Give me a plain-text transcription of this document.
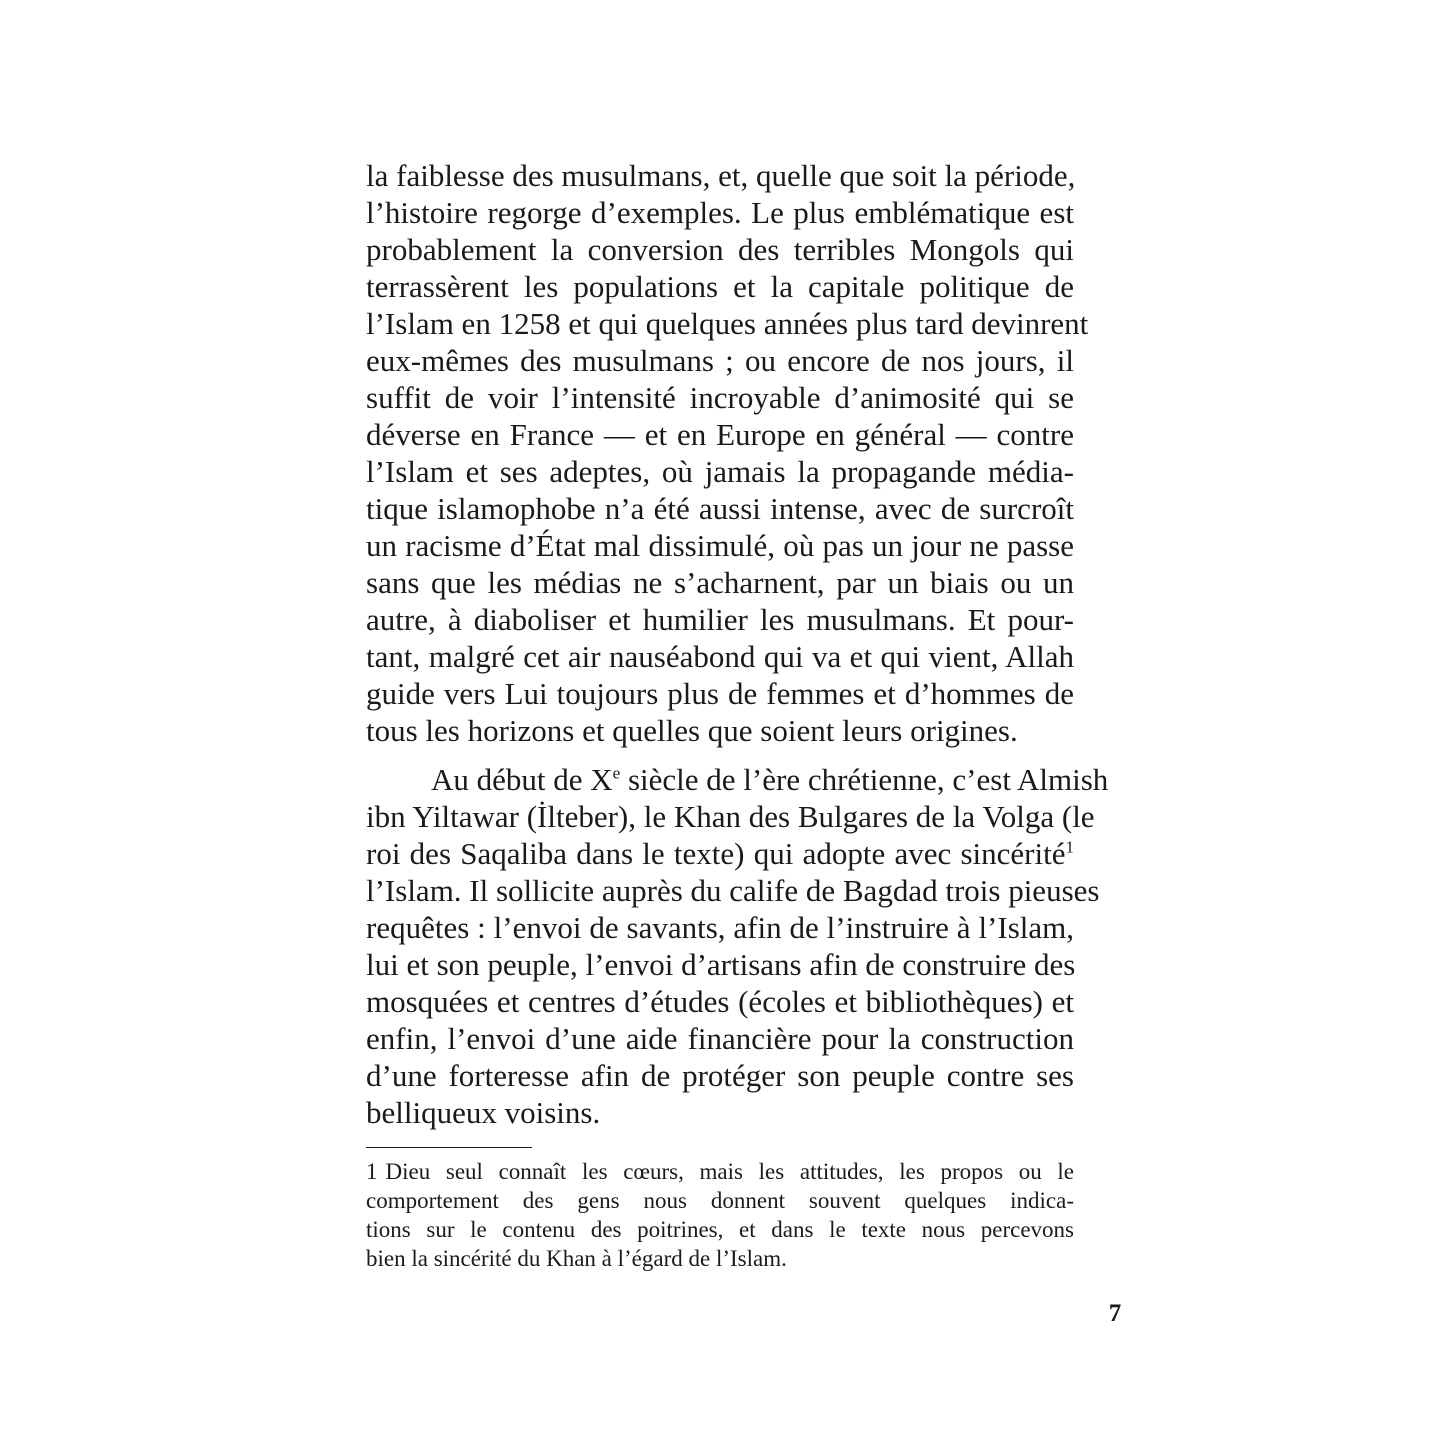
la faiblesse des musulmans, et, quelle que soit la période,
l’histoire regorge d’exemples. Le plus emblématique est
probablement la conversion des terribles Mongols qui
terrassèrent les populations et la capitale politique de
l’Islam en 1258 et qui quelques années plus tard devinrent
eux-mêmes des musulmans ; ou encore de nos jours, il
suffit de voir l’intensité incroyable d’animosité qui se
déverse en France — et en Europe en général — contre
l’Islam et ses adeptes, où jamais la propagande média-
tique islamophobe n’a été aussi intense, avec de surcroît
un racisme d’État mal dissimulé, où pas un jour ne passe
sans que les médias ne s’acharnent, par un biais ou un
autre, à diaboliser et humilier les musulmans. Et pour-
tant, malgré cet air nauséabond qui va et qui vient, Allah
guide vers Lui toujours plus de femmes et d’hommes de
tous les horizons et quelles que soient leurs origines.
Au début de Xe siècle de l’ère chrétienne, c’est Almish
ibn Yiltawar (İlteber), le Khan des Bulgares de la Volga (le
roi des Saqaliba dans le texte) qui adopte avec sincérité$^1$
l’Islam. Il sollicite auprès du calife de Bagdad trois pieuses
requêtes : l’envoi de savants, afin de l’instruire à l’Islam,
lui et son peuple, l’envoi d’artisans afin de construire des
mosquées et centres d’études (écoles et bibliothèques) et
enfin, l’envoi d’une aide financière pour la construction
d’une forteresse afin de protéger son peuple contre ses
belliqueux voisins.
1 Dieu seul connaît les cœurs, mais les attitudes, les propos ou le
comportement des gens nous donnent souvent quelques indica-
tions sur le contenu des poitrines, et dans le texte nous percevons
bien la sincérité du Khan à l’égard de l’Islam.
7
